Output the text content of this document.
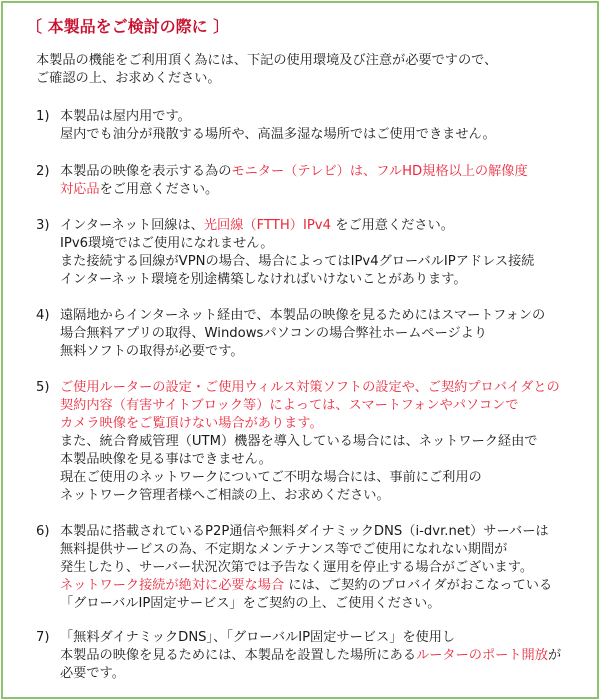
〔 本製品をご検討の際に 〕
本製品の機能をご利用頂く為には、下記の使用環境及び注意が必要ですので、
ご確認の上、お求めください。
1) 本製品は屋内用です。
屋内でも油分が飛散する場所や、高温多湿な場所ではご使用できません。
2) 本製品の映像を表示する為のモニター（テレビ）は、フルHD規格以上の解像度
対応品をご用意ください。
3) インターネット回線は、光回線（FTTH）IPv4 をご用意ください。
IPv6環境ではご使用になれません。
また接続する回線がVPNの場合、場合によってはIPv4グローバルIPアドレス接続
インターネット環境を別途構築しなければいけないことがあります。
4) 遠隔地からインターネット経由で、本製品の映像を見るためにはスマートフォンの
場合無料アプリの取得、Windowsパソコンの場合弊社ホームページより
無料ソフトの取得が必要です。
5) ご使用ルーターの設定・ご使用ウィルス対策ソフトの設定や、ご契約プロバイダとの
契約内容（有害サイトブロック等）によっては、スマートフォンやパソコンで
カメラ映像をご覧頂けない場合があります。
また、統合脅威管理（UTM）機器を導入している場合には、ネットワーク経由で
本製品映像を見る事はできません。
現在ご使用のネットワークについてご不明な場合には、事前にご利用の
ネットワーク管理者様へご相談の上、お求めください。
6) 本製品に搭載されているP2P通信や無料ダイナミックDNS（i-dvr.net）サーバーは
無料提供サービスの為、不定期なメンテナンス等でご使用になれない期間が
発生したり、サーバー状況次第では予告なく運用を停止する場合がございます。
ネットワーク接続が絶対に必要な場合 には、ご契約のプロバイダがおこなっている
「グローバルIP固定サービス」をご契約の上、ご使用ください。
7) 「無料ダイナミックDNS」、「グローバルIP固定サービス」を使用し
本製品の映像を見るためには、本製品を設置した場所にあるルーターのポート開放が
必要です。
